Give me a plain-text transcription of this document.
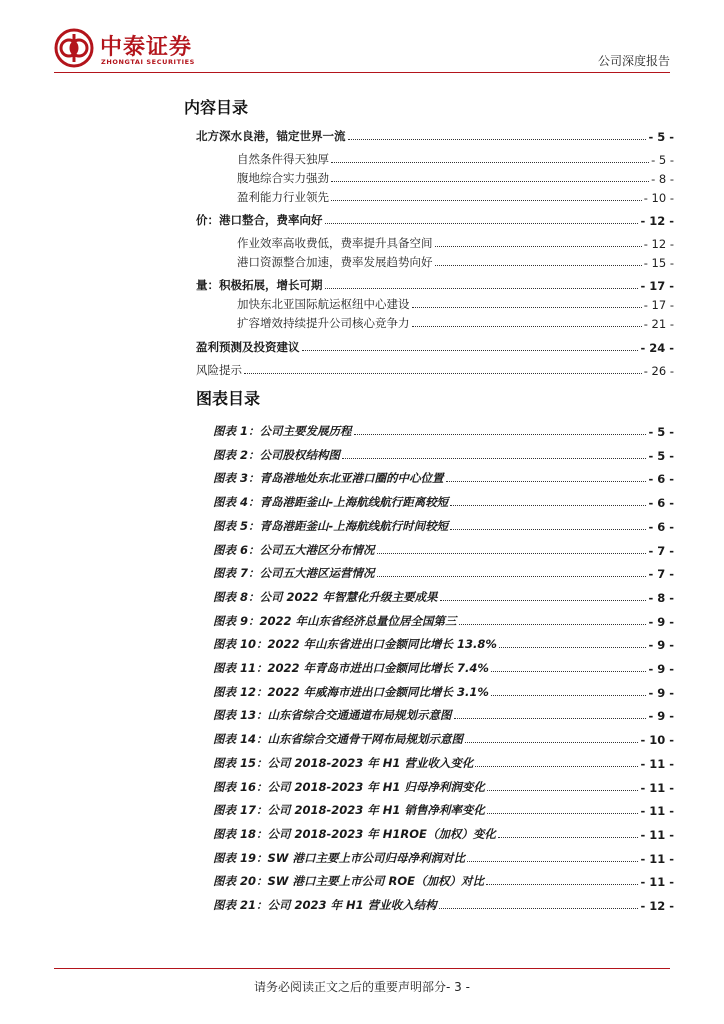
中泰证券
ZHONGTAI SECURITIES	公司深度报告
内容目录
图表目录
北方深水良港，锚定世界一流	- 5 -
自然条件得天独厚	- 5 -
腹地综合实力强劲	- 8 -
盈利能力行业领先	- 10 -
价：港口整合，费率向好	- 12 -
作业效率高收费低，费率提升具备空间	- 12 -
港口资源整合加速，费率发展趋势向好	- 15 -
量：积极拓展，增长可期	- 17 -
加快东北亚国际航运枢纽中心建设	- 17 -
扩容增效持续提升公司核心竞争力	- 21 -
盈利预测及投资建议	- 24 -
风险提示	- 26 -
图表 1：公司主要发展历程	- 5 -
图表 2：公司股权结构图	- 5 -
图表 3：青岛港地处东北亚港口圈的中心位置	- 6 -
图表 4：青岛港距釜山-上海航线航行距离较短	- 6 -
图表 5：青岛港距釜山-上海航线航行时间较短	- 6 -
图表 6：公司五大港区分布情况	- 7 -
图表 7：公司五大港区运营情况	- 7 -
图表 8：公司 2022 年智慧化升级主要成果	- 8 -
图表 9：2022 年山东省经济总量位居全国第三	- 9 -
图表 10：2022 年山东省进出口金额同比增长 13.8%	- 9 -
图表 11：2022 年青岛市进出口金额同比增长 7.4%	- 9 -
图表 12：2022 年威海市进出口金额同比增长 3.1%	- 9 -
图表 13：山东省综合交通通道布局规划示意图	- 9 -
图表 14：山东省综合交通骨干网布局规划示意图	- 10 -
图表 15：公司 2018-2023 年 H1 营业收入变化	- 11 -
图表 16：公司 2018-2023 年 H1 归母净利润变化	- 11 -
图表 17：公司 2018-2023 年 H1 销售净利率变化	- 11 -
图表 18：公司 2018-2023 年 H1ROE（加权）变化	- 11 -
图表 19：SW 港口主要上市公司归母净利润对比	- 11 -
图表 20：SW 港口主要上市公司 ROE（加权）对比	- 11 -
图表 21：公司 2023 年 H1 营业收入结构	- 12 -
请务必阅读正文之后的重要声明部分- 3 -
